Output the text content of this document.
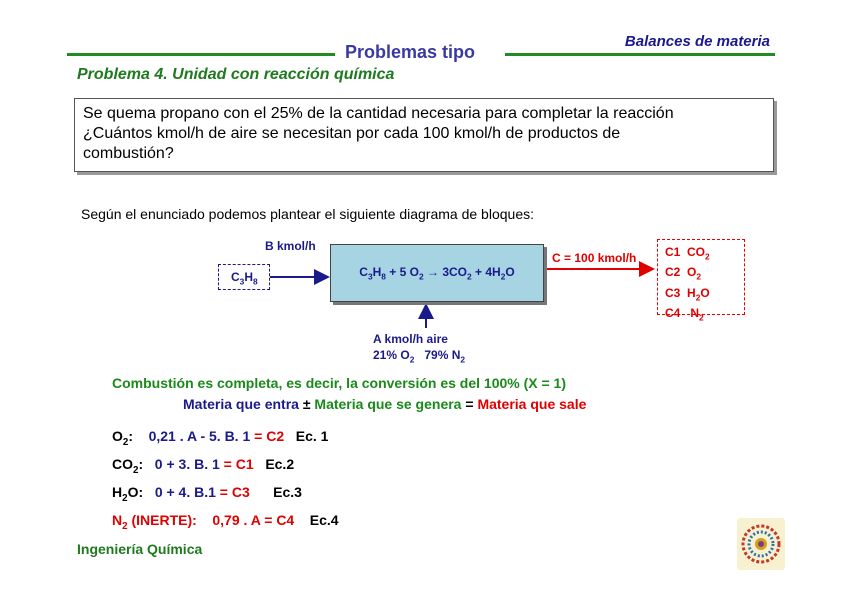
Balances de materia
Problemas tipo
Problema 4. Unidad con reacción química
Se quema propano con el 25% de la cantidad necesaria para completar la reacción
¿Cuántos kmol/h de aire se necesitan por cada 100 kmol/h de productos de
combustión?
Según el enunciado podemos plantear el siguiente diagrama de bloques:
$C_3H_8$
B kmol/h
$C_3H_8 + 5$ $O_2 \to 3CO_2 + 4H_2O$
C = 100 kmol/h
A kmol/h aire
21% $O_2$   79% $N_2$
C1  $CO_2$
C2  $O_2$
C3  $H_2O$
C4   $N_2$
Combustión es completa, es decir, la conversión es del 100% (X = 1)
Materia que entra ± Materia que se genera = Materia que sale
$O_2$: 0,21 . A - 5. B. 1 = C2 Ec. 1
$CO_2$: 0 + 3. B. 1 = C1 Ec.2
$H_2O$: 0 + 4. B.1 = C3 Ec.3
$N_2$ (INERTE): 0,79 . A = C4 Ec.4
Ingeniería Química
